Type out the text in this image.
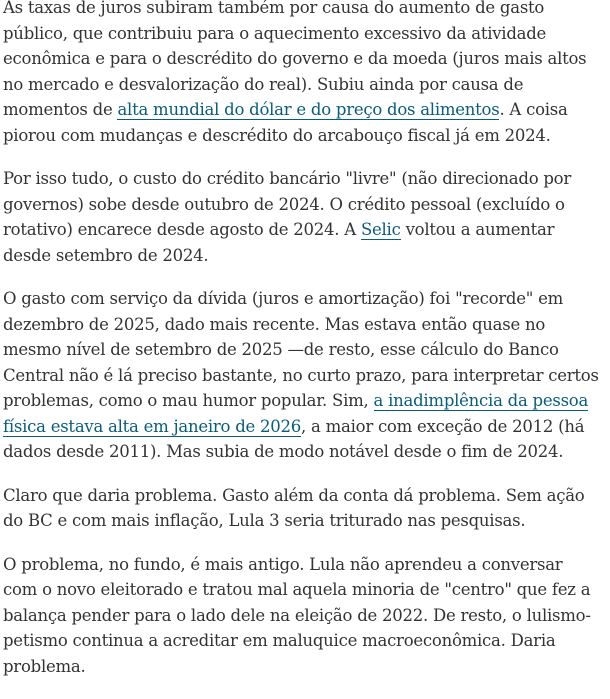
As taxas de juros subiram também por causa do aumento de gasto público, que contribuiu para o aquecimento excessivo da atividade econômica e para o descrédito do governo e da moeda (juros mais altos no mercado e desvalorização do real). Subiu ainda por causa de momentos de alta mundial do dólar e do preço dos alimentos. A coisa piorou com mudanças e descrédito do arcabouço fiscal já em 2024.

Por isso tudo, o custo do crédito bancário "livre" (não direcionado por governos) sobe desde outubro de 2024. O crédito pessoal (excluído o rotativo) encarece desde agosto de 2024. A Selic voltou a aumentar desde setembro de 2024.

O gasto com serviço da dívida (juros e amortização) foi "recorde" em dezembro de 2025, dado mais recente. Mas estava então quase no mesmo nível de setembro de 2025 —de resto, esse cálculo do Banco Central não é lá preciso bastante, no curto prazo, para interpretar certos problemas, como o mau humor popular. Sim, a inadimplência da pessoa física estava alta em janeiro de 2026, a maior com exceção de 2012 (há dados desde 2011). Mas subia de modo notável desde o fim de 2024.

Claro que daria problema. Gasto além da conta dá problema. Sem ação do BC e com mais inflação, Lula 3 seria triturado nas pesquisas.

O problema, no fundo, é mais antigo. Lula não aprendeu a conversar com o novo eleitorado e tratou mal aquela minoria de "centro" que fez a balança pender para o lado dele na eleição de 2022. De resto, o lulismo-petismo continua a acreditar em maluquice macroeconômica. Daria problema.
